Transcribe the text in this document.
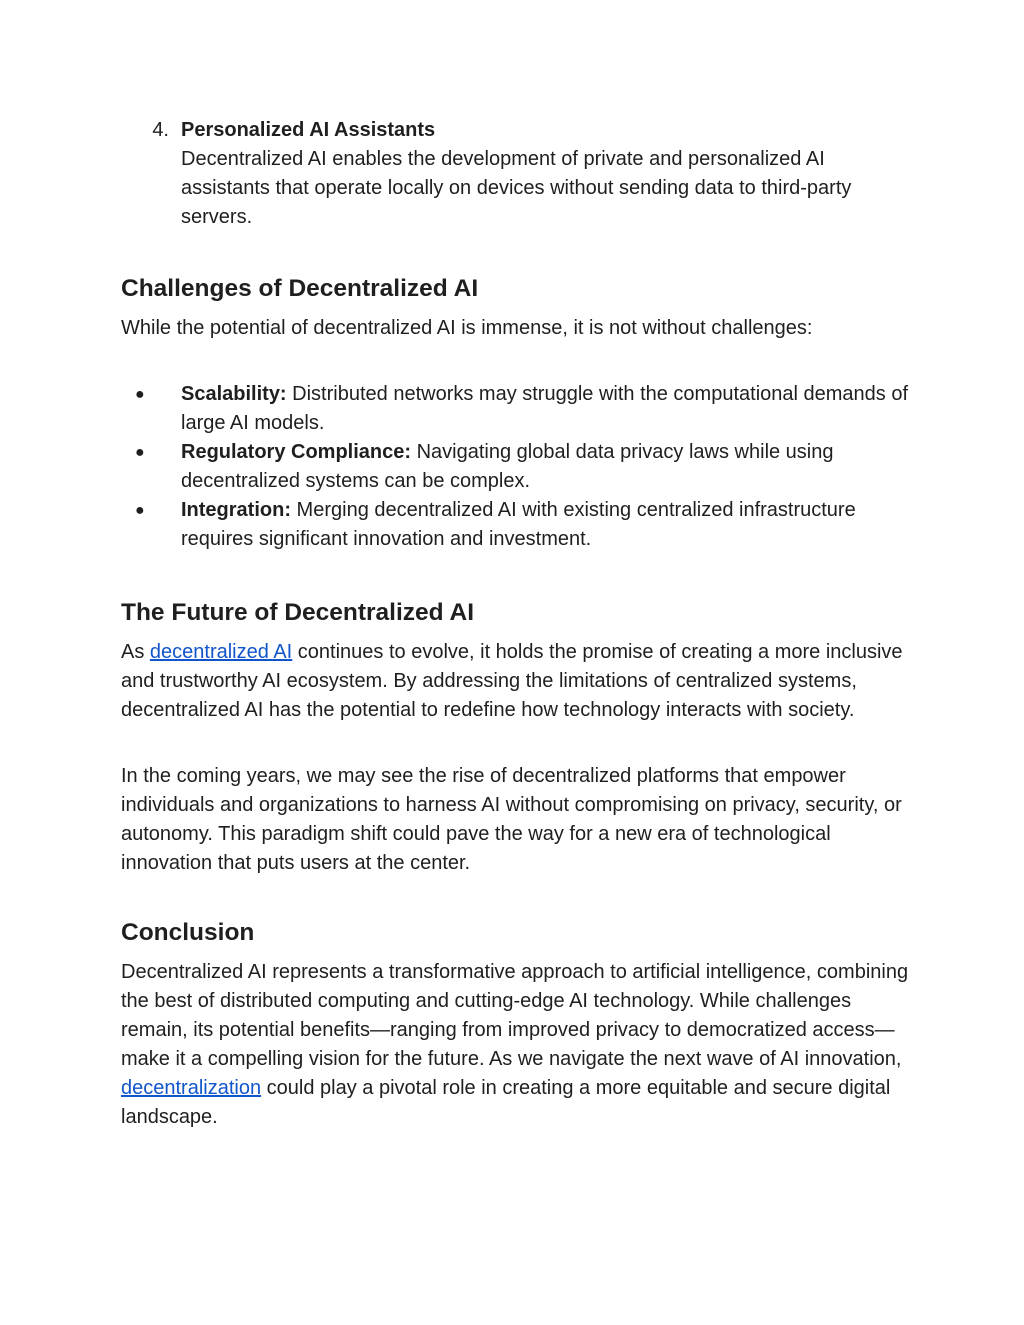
4. Personalized AI Assistants
Decentralized AI enables the development of private and personalized AI assistants that operate locally on devices without sending data to third-party servers.
Challenges of Decentralized AI

While the potential of decentralized AI is immense, it is not without challenges:

●	Scalability: Distributed networks may struggle with the computational demands of large AI models.
●	Regulatory Compliance: Navigating global data privacy laws while using decentralized systems can be complex.
●	Integration: Merging decentralized AI with existing centralized infrastructure requires significant innovation and investment.
The Future of Decentralized AI

As decentralized AI continues to evolve, it holds the promise of creating a more inclusive and trustworthy AI ecosystem. By addressing the limitations of centralized systems, decentralized AI has the potential to redefine how technology interacts with society.

In the coming years, we may see the rise of decentralized platforms that empower individuals and organizations to harness AI without compromising on privacy, security, or autonomy. This paradigm shift could pave the way for a new era of technological innovation that puts users at the center.

Conclusion

Decentralized AI represents a transformative approach to artificial intelligence, combining the best of distributed computing and cutting-edge AI technology. While challenges remain, its potential benefits—ranging from improved privacy to democratized access—make it a compelling vision for the future. As we navigate the next wave of AI innovation, decentralization could play a pivotal role in creating a more equitable and secure digital landscape.
